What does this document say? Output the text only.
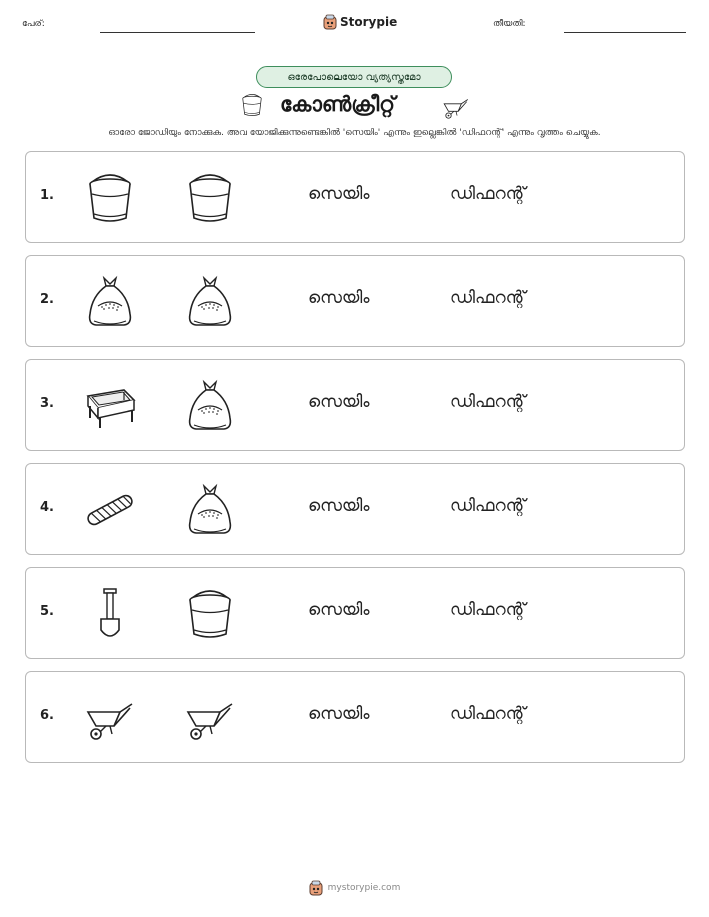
പേര്:	Storypie	തീയതി:
ഒരേപോലെയോ വ്യത്യസ്തമോ
കോൺക്രീറ്റ്
ഓരോ ജോഡിയും നോക്കുക. അവ യോജിക്കുന്നുണ്ടെങ്കിൽ 'സെയിം' എന്നും ഇല്ലെങ്കിൽ 'ഡിഫറന്റ്' എന്നും വൃത്തം ചെയ്യുക.
1.	സെയിം	ഡിഫറന്റ്
2.	സെയിം	ഡിഫറന്റ്
3.	സെയിം	ഡിഫറന്റ്
4.	സെയിം	ഡിഫറന്റ്
5.	സെയിം	ഡിഫറന്റ്
6.	സെയിം	ഡിഫറന്റ്
mystorypie.com
